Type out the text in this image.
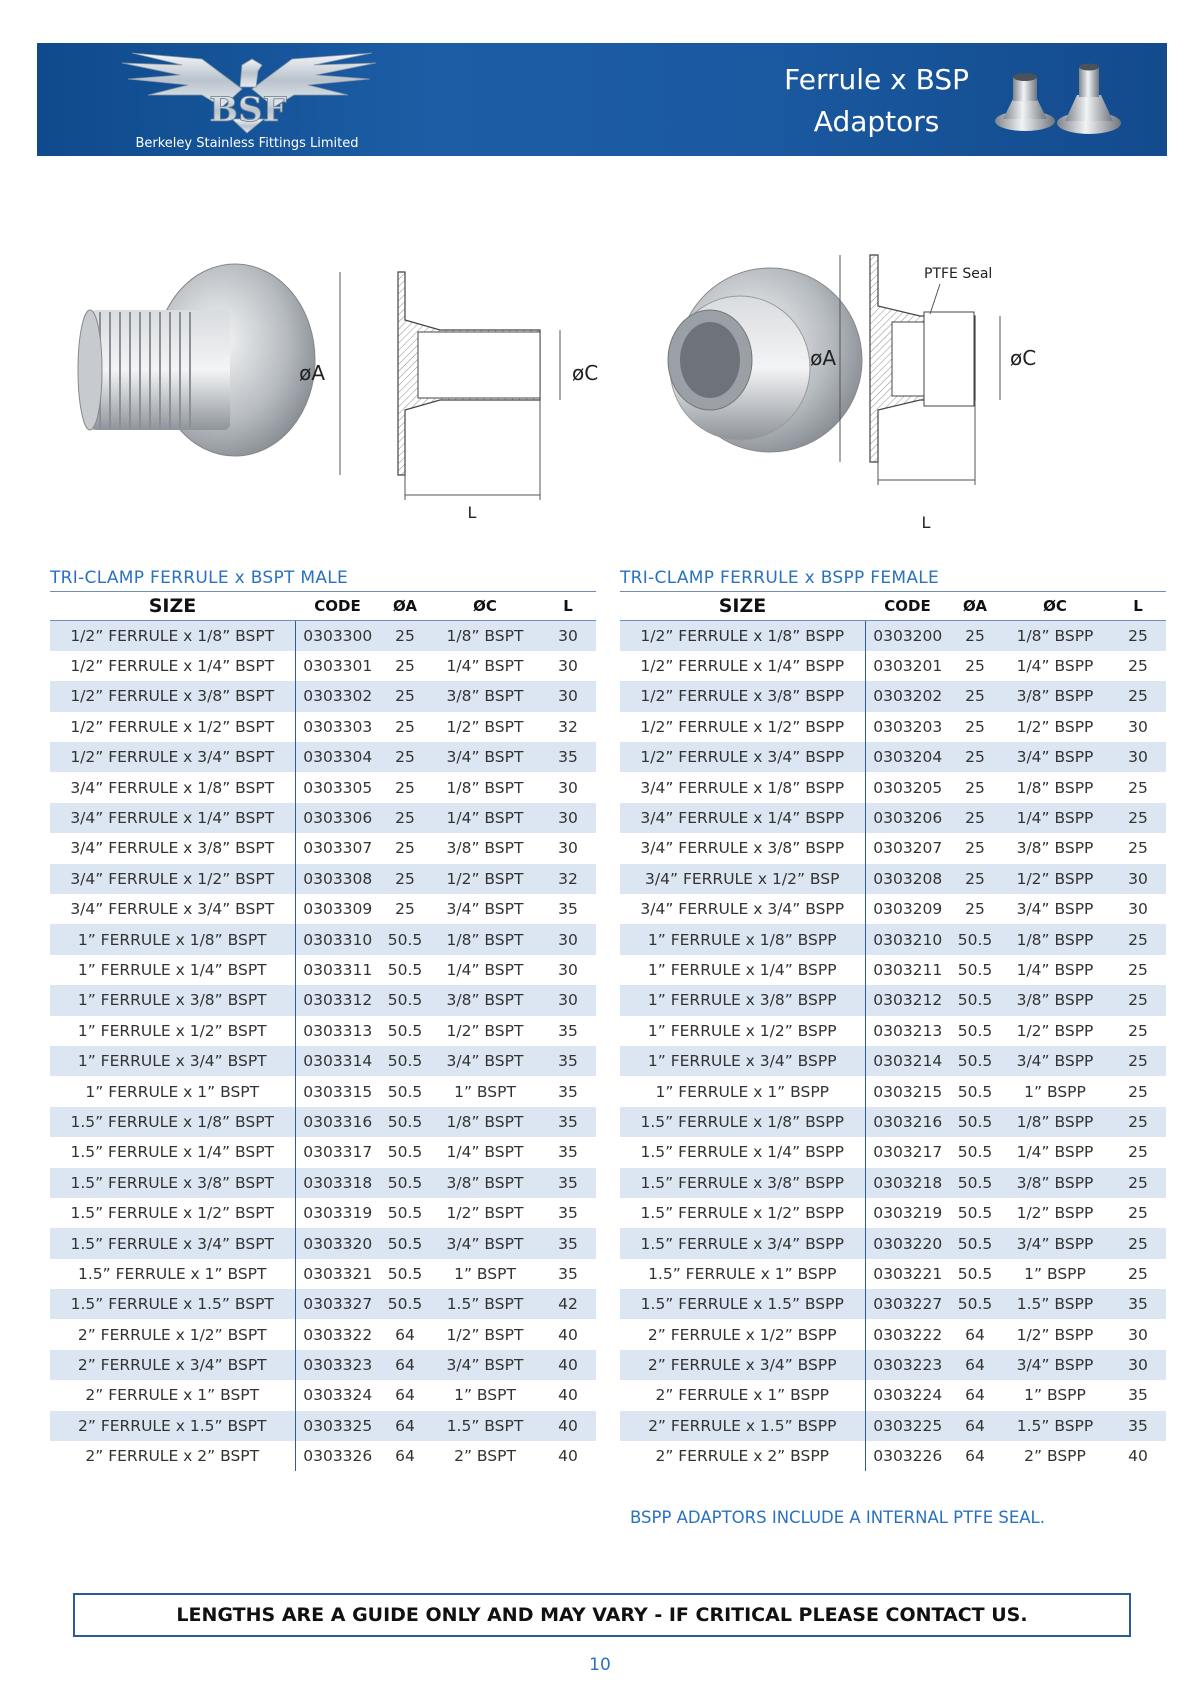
BSF
Berkeley Stainless Fittings Limited
Ferrule x BSP
Adaptors
øA	øC
L
PTFE Seal
øA	øC
L
TRI-CLAMP FERRULE x BSPT MALE
SIZE	CODE	ØA	ØC	L
1/2” FERRULE x 1/8” BSPT	0303300	25	1/8” BSPT	30
1/2” FERRULE x 1/4” BSPT	0303301	25	1/4” BSPT	30
1/2” FERRULE x 3/8” BSPT	0303302	25	3/8” BSPT	30
1/2” FERRULE x 1/2” BSPT	0303303	25	1/2” BSPT	32
1/2” FERRULE x 3/4” BSPT	0303304	25	3/4” BSPT	35
3/4” FERRULE x 1/8” BSPT	0303305	25	1/8” BSPT	30
3/4” FERRULE x 1/4” BSPT	0303306	25	1/4” BSPT	30
3/4” FERRULE x 3/8” BSPT	0303307	25	3/8” BSPT	30
3/4” FERRULE x 1/2” BSPT	0303308	25	1/2” BSPT	32
3/4” FERRULE x 3/4” BSPT	0303309	25	3/4” BSPT	35
1” FERRULE x 1/8” BSPT	0303310	50.5	1/8” BSPT	30
1” FERRULE x 1/4” BSPT	0303311	50.5	1/4” BSPT	30
1” FERRULE x 3/8” BSPT	0303312	50.5	3/8” BSPT	30
1” FERRULE x 1/2” BSPT	0303313	50.5	1/2” BSPT	35
1” FERRULE x 3/4” BSPT	0303314	50.5	3/4” BSPT	35
1” FERRULE x 1” BSPT	0303315	50.5	1” BSPT	35
1.5” FERRULE x 1/8” BSPT	0303316	50.5	1/8” BSPT	35
1.5” FERRULE x 1/4” BSPT	0303317	50.5	1/4” BSPT	35
1.5” FERRULE x 3/8” BSPT	0303318	50.5	3/8” BSPT	35
1.5” FERRULE x 1/2” BSPT	0303319	50.5	1/2” BSPT	35
1.5” FERRULE x 3/4” BSPT	0303320	50.5	3/4” BSPT	35
1.5” FERRULE x 1” BSPT	0303321	50.5	1” BSPT	35
1.5” FERRULE x 1.5” BSPT	0303327	50.5	1.5” BSPT	42
2” FERRULE x 1/2” BSPT	0303322	64	1/2” BSPT	40
2” FERRULE x 3/4” BSPT	0303323	64	3/4” BSPT	40
2” FERRULE x 1” BSPT	0303324	64	1” BSPT	40
2” FERRULE x 1.5” BSPT	0303325	64	1.5” BSPT	40
2” FERRULE x 2” BSPT	0303326	64	2” BSPT	40
TRI-CLAMP FERRULE x BSPP FEMALE
SIZE	CODE	ØA	ØC	L
1/2” FERRULE x 1/8” BSPP	0303200	25	1/8” BSPP	25
1/2” FERRULE x 1/4” BSPP	0303201	25	1/4” BSPP	25
1/2” FERRULE x 3/8” BSPP	0303202	25	3/8” BSPP	25
1/2” FERRULE x 1/2” BSPP	0303203	25	1/2” BSPP	30
1/2” FERRULE x 3/4” BSPP	0303204	25	3/4” BSPP	30
3/4” FERRULE x 1/8” BSPP	0303205	25	1/8” BSPP	25
3/4” FERRULE x 1/4” BSPP	0303206	25	1/4” BSPP	25
3/4” FERRULE x 3/8” BSPP	0303207	25	3/8” BSPP	25
3/4” FERRULE x 1/2” BSP	0303208	25	1/2” BSPP	30
3/4” FERRULE x 3/4” BSPP	0303209	25	3/4” BSPP	30
1” FERRULE x 1/8” BSPP	0303210	50.5	1/8” BSPP	25
1” FERRULE x 1/4” BSPP	0303211	50.5	1/4” BSPP	25
1” FERRULE x 3/8” BSPP	0303212	50.5	3/8” BSPP	25
1” FERRULE x 1/2” BSPP	0303213	50.5	1/2” BSPP	25
1” FERRULE x 3/4” BSPP	0303214	50.5	3/4” BSPP	25
1” FERRULE x 1” BSPP	0303215	50.5	1” BSPP	25
1.5” FERRULE x 1/8” BSPP	0303216	50.5	1/8” BSPP	25
1.5” FERRULE x 1/4” BSPP	0303217	50.5	1/4” BSPP	25
1.5” FERRULE x 3/8” BSPP	0303218	50.5	3/8” BSPP	25
1.5” FERRULE x 1/2” BSPP	0303219	50.5	1/2” BSPP	25
1.5” FERRULE x 3/4” BSPP	0303220	50.5	3/4” BSPP	25
1.5” FERRULE x 1” BSPP	0303221	50.5	1” BSPP	25
1.5” FERRULE x 1.5” BSPP	0303227	50.5	1.5” BSPP	35
2” FERRULE x 1/2” BSPP	0303222	64	1/2” BSPP	30
2” FERRULE x 3/4” BSPP	0303223	64	3/4” BSPP	30
2” FERRULE x 1” BSPP	0303224	64	1” BSPP	35
2” FERRULE x 1.5” BSPP	0303225	64	1.5” BSPP	35
2” FERRULE x 2” BSPP	0303226	64	2” BSPP	40
BSPP ADAPTORS INCLUDE A INTERNAL PTFE SEAL.
LENGTHS ARE A GUIDE ONLY AND MAY VARY - IF CRITICAL PLEASE CONTACT US.
10
